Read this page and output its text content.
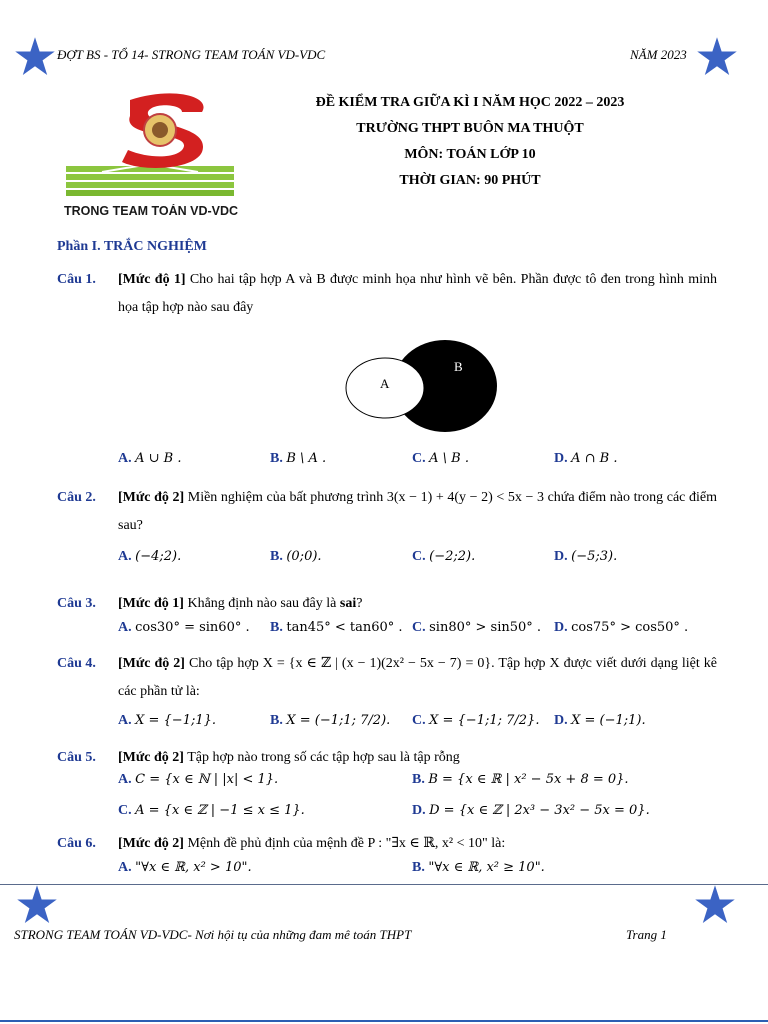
ĐỢT BS - TỔ 14- STRONG TEAM TOÁN VD-VDC	NĂM 2023
TRONG TEAM TOÁN VD-VDC
ĐỀ KIỂM TRA GIỮA KÌ I NĂM HỌC 2022 – 2023
TRƯỜNG THPT BUÔN MA THUỘT
MÔN: TOÁN LỚP 10
THỜI GIAN: 90 PHÚT
Phần I. TRẮC NGHIỆM
Câu 1. [Mức độ 1] Cho hai tập hợp A và B được minh họa như hình vẽ bên. Phần được tô đen trong hình minh họa tập hợp nào sau đây
A
B
A. A ∪ B .	B. B \ A .	C. A \ B .	D. A ∩ B .
Câu 2. [Mức độ 2] Miền nghiệm của bất phương trình 3(x − 1) + 4(y − 2) < 5x − 3 chứa điểm nào trong các điểm sau?
A. (−4;2).	B. (0;0).	C. (−2;2).	D. (−5;3).
Câu 3. [Mức độ 1] Khẳng định nào sau đây là sai?
A. cos30° = sin60° . B. tan45° < tan60° . C. sin80° > sin50° . D. cos75° > cos50° .
Câu 4. [Mức độ 2] Cho tập hợp X = {x ∈ ℤ | (x − 1)(2x² − 5x − 7) = 0}. Tập hợp X được viết dưới dạng liệt kê các phần tử là:
A. X = {−1;1}.	B. X = (−1;1; 7/2). C. X = {−1;1; 7/2}. D. X = (−1;1).
Câu 5. [Mức độ 2] Tập hợp nào trong số các tập hợp sau là tập rỗng
A. C = {x ∈ ℕ | |x| < 1}.	B. B = {x ∈ ℝ | x² − 5x + 8 = 0}.
C. A = {x ∈ ℤ | −1 ≤ x ≤ 1}.	D. D = {x ∈ ℤ | 2x³ − 3x² − 5x = 0}.
Câu 6. [Mức độ 2] Mệnh đề phủ định của mệnh đề P : "∃x ∈ ℝ, x² < 10" là:
A. "∀x ∈ ℝ, x² > 10".	B. "∀x ∈ ℝ, x² ≥ 10".
STRONG TEAM TOÁN VD-VDC- Nơi hội tụ của những đam mê toán THPT	Trang 1
